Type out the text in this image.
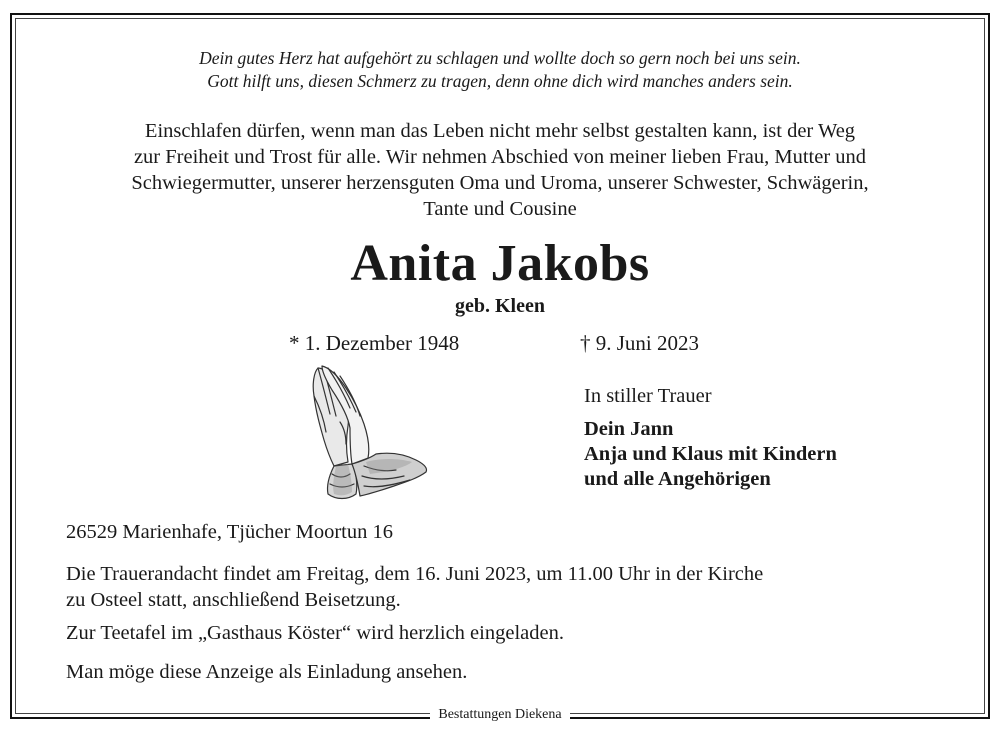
Dein gutes Herz hat aufgehört zu schlagen und wollte doch so gern noch bei uns sein.
Gott hilft uns, diesen Schmerz zu tragen, denn ohne dich wird manches anders sein.
Einschlafen dürfen, wenn man das Leben nicht mehr selbst gestalten kann, ist der Weg
zur Freiheit und Trost für alle. Wir nehmen Abschied von meiner lieben Frau, Mutter und
Schwiegermutter, unserer herzensguten Oma und Uroma, unserer Schwester, Schwägerin,
Tante und Cousine
Anita Jakobs
geb. Kleen
* 1. Dezember 1948	† 9. Juni 2023
In stiller Trauer
Dein Jann
Anja und Klaus mit Kindern
und alle Angehörigen
26529 Marienhafe, Tjücher Moortun 16
Die Trauerandacht findet am Freitag, dem 16. Juni 2023, um 11.00 Uhr in der Kirche
zu Osteel statt, anschließend Beisetzung.
Zur Teetafel im „Gasthaus Köster“ wird herzlich eingeladen.
Man möge diese Anzeige als Einladung ansehen.
Bestattungen Diekena
